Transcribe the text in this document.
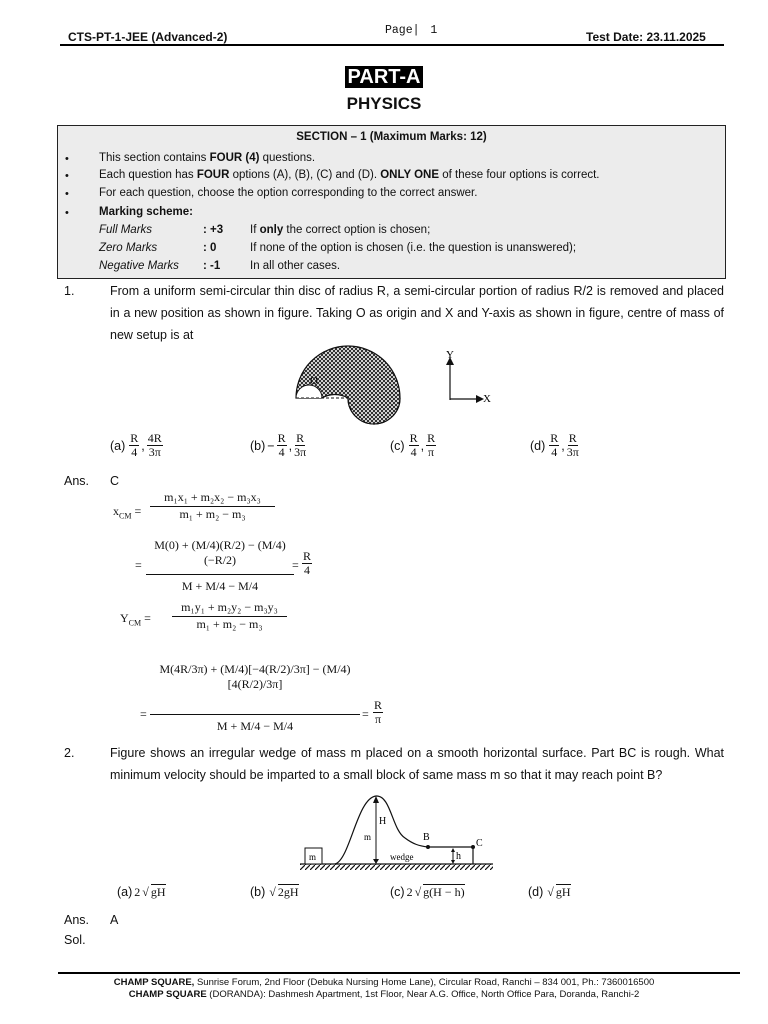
CTS-PT-1-JEE (Advanced-2)	Page| 1	Test Date: 23.11.2025
PART-A
PHYSICS
SECTION – 1 (Maximum Marks: 12)
•	This section contains FOUR (4) questions.
•	Each question has FOUR options (A), (B), (C) and (D). ONLY ONE of these four options is correct.
•	For each question, choose the option corresponding to the correct answer.
•	Marking scheme:
Full Marks	: +3 If only the correct option is chosen;
Zero Marks	: 0	If none of the option is chosen (i.e. the question is unanswered);
Negative Marks : -1	In all other cases.
1.	From a uniform semi-circular thin disc of radius R, a semi-circular portion of radius R/2 is removed and placed in a new position as shown in figure. Taking O as origin and X and Y-axis as shown in figure, centre of mass of new setup is at
O
Y
X
$(a) \frac{R}{4}$ , $\frac{4R}{3\pi}$	$(b) - \frac{R}{4}$ , $\frac{R}{3\pi}$	$(c) \frac{R}{4}$ , $\frac{R}{\pi}$	$(d) \frac{R}{4}$ , $\frac{R}{3\pi}$
Ans. C
$x_{CM} = \frac{\text{m₁x₁ + m₂x₂ − m₃x₃}}{\text{m₁ + m₂ − m₃}}$
= $\frac{M(0) + (M/4)(R/2) - (M/4)(-R/2)}{M + M/4 - M/4}$
= $\frac{R}{4}$
$Y_{CM} = \frac{\text{m₁y₁ + m₂y₂ − m₃y₃}}{\text{m₁ + m₂ − m₃}}$
= $\frac{M(4R/3\pi) + (M/4)[-4(R/2)/3\pi] - (M/4)[4(R/2)/3\pi]}{M + M/4 - M/4} = \frac{R}{\pi}$
2.	Figure shows an irregular wedge of mass m placed on a smooth horizontal surface. Part BC is rough. What minimum velocity should be imparted to a small block of same mass m so that it may reach point B?
m
H
m
wedge
B
C
h
(a) 2 √ gH	(b) √ 2gH	(c) 2 √ g(H − h)	(d) √ gH
Ans. A
Sol.
CHAMP SQUARE, Sunrise Forum, 2nd Floor (Debuka Nursing Home Lane), Circular Road, Ranchi – 834 001, Ph.: 7360016500
CHAMP SQUARE (DORANDA): Dashmesh Apartment, 1st Floor, Near A.G. Office, North Office Para, Doranda, Ranchi-2
